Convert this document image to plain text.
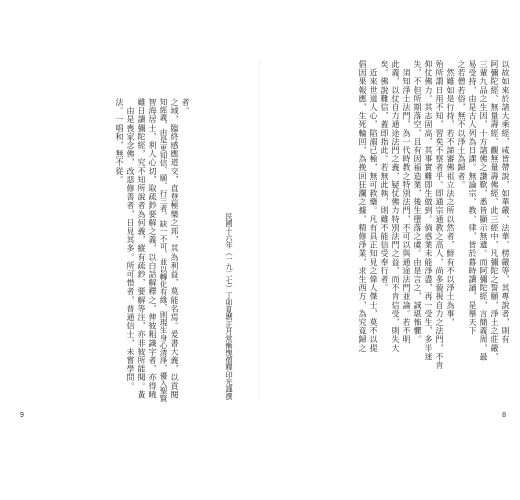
法。一唱和，無不從。 　由是喪家念佛，改惡修善者，日見其多。所可惜者，普通信士，未嘗學問。 雖日讀彌陀經，究不知所說者為何義，縱有疏鈔，要解等注，亦非彼所能閱。黃 智海居士，利人心切，取疏鈔要解之義，以白話解釋之，俾彼粗識字者，亦得曉 知經義，由是更知信、願、行三者，缺一不可，並以轉化有緣，則現生身心清淨，優入聖賢 之域，臨終感應道交，直登極樂之邦，其為利益，莫能名焉。爰書大義，以貢閱 者。
　　　　　　　　民國十六年（一九二七）丁卯夏曆正月常慚愧僧釋印光謹撰
9
以故如來於諸大乘經，咸皆帶說，如華嚴、法華、楞嚴等，其專說者，則有
阿彌陀經、無量壽經、觀無量壽佛經、此三經中，凡彌陀之誓願，淨土之莊嚴，
三輩九品之生因，十方諸佛之讚歎，悉皆顯示無遺。而阿彌陀經，言簡義周，最
易受持，由是古人列為日課。無論宗、教、律，皆於暮時讀誦，是舉天下
之若僧若俗，無不以淨土為歸者。
　然雖如是行持，若不諦審佛祖立法之所以然者，鮮有不以淨土為事，
殆所謂日用不知，習矣不察者乎。即通宗通教之高人，尚多藐視自力之法門，不肯
仰仗佛力。其志固高，其事實難即生做到。倘惑業未能淨盡，再一受生，多半迷
失，不但所期落空，且有因福造業，後生墮落之虞。由是言之，誠堪怖懼。
　須知淨土法門，為一代時教之特別法門，不可以與通途法門並論。若不明
此義，以仗自力通途法門之義，疑仗佛力特別法門之益，而不肯信受，則失大
矣。佛說難信，蓋即指此。若無此執，則雖不能信受奉行者。
　近來世道人心，陷溺已極，無可救藥。凡有具正知見之偉人傑士，莫不以提
倡因果報應，生死輪回，為挽回狂瀾之據，精修淨業，求生西方，為究竟歸之
8
